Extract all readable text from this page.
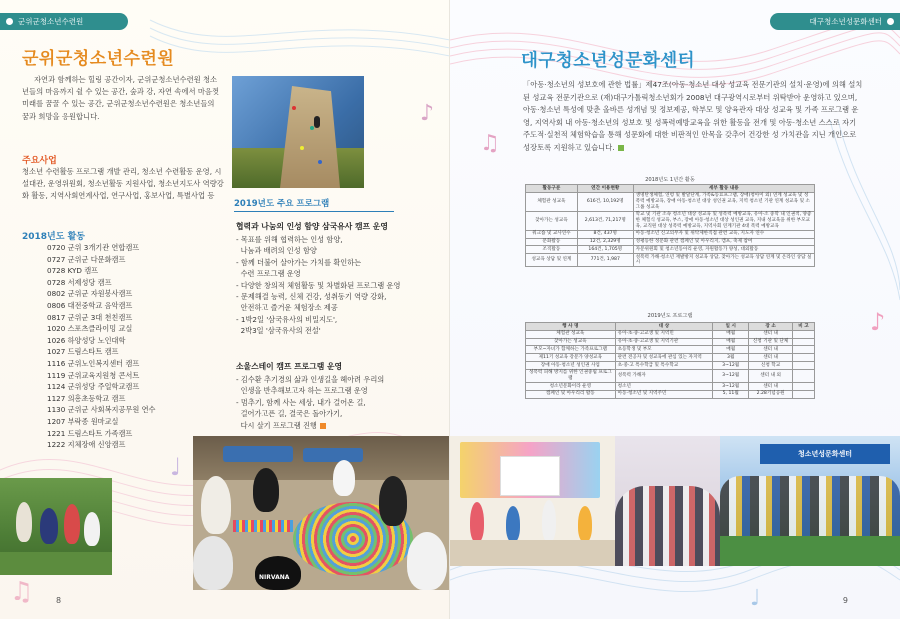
♪
♫
♩
군위군청소년수련원
군위군청소년수련원
자연과 함께하는 힐링 공간이자, 군위군청소년수련원 청소년들의 마음까지 쉴 수 있는 공간, 숲과 강, 자연 속에서 마음껏 미래를 꿈꿀 수 있는 공간, 군위군청소년수련원은 청소년들의 꿈과 희망을 응원합니다.
주요사업
청소년 수련활동 프로그램 개발 관리, 청소년 수련활동 운영, 시설대관, 운영위원회, 청소년활동 지원사업, 청소년지도사 역량강화 활동, 지역사회연계사업, 연구사업, 홍보사업, 특별사업 등
2018년도 활동
0720 군위 3개기관 연합캠프
0727 군위군 다문화캠프
0728 KYD 캠프
0728 서제성당 캠프
0802 군위군 자원봉사캠프
0806 대전중학교 음악캠프
0817 군위군 3대 천친캠프
1020 스포츠클라이밍 교실
1026 하양성당 노인대학
1027 드림스타트 캠프
1116 군위노인복지센터 캠프
1119 군위교육지원청 콘서트
1124 군위성당 주일학교캠프
1127 의흥초등학교 캠프
1130 군위군 사회복지공무원 연수
1207 부락종 원마교실
1221 드림스타트 가족캠프
1222 지체장애 신앙캠프
2019년도 주요 프로그램
협력과 나눔의 인성 함양 삼국유사 캠프 운영
- 목표를 위해 협력하는 인성 함양,
나눔과 배려의 인성 함양
- 함께 더불어 살아가는 가치를 확인하는
수련 프로그램 운영
- 다양한 창의적 체험활동 및 차별화된 프로그램 운영
- 문제해결 능력, 신체 건강, 성취동기 역량 강화,
안전하고 즐거운 체험장소 제공
- 1박2일 '삼국유사의 비밀지도',
2박3일 '삼국유사의 전설'
소울스테이 캠프 프로그램 운영
- 김수환 추기경의 삶과 인생길을 헤아려 우리의
인생을 반추해보고자 하는 프로그램 운영
- 멈추기, 함께 사는 세상, 내가 걸어온 길,
걸어가고픈 길, 결국은 돌아가기,
다시 살기 프로그램 진행
NIRVANA
8
♫
♪
♩
대구청소년성문화센터
대구청소년성문화센터
「아동·청소년의 성보호에 관한 법률」제47조(아동·청소년 대상 성교육 전문기관의 설치·운영)에 의해 설치된 성교육 전문기관으로 (재)대구가톨릭청소년회가 2008년 대구광역시로부터 위탁받아 운영하고 있으며, 아동·청소년 특성에 맞춘 올바른 성개념 및 정보제공, 학부모 및 양육관자 대상 성교육 및 가족 프로그램 운영, 지역사회 내 아동·청소년의 성보호 및 성폭력예방교육을 위한 활동을 전개 및 아동·청소년 스스로 자기 주도적·실천적 체험학습을 통해 성문화에 대한 비판적인 안목을 갖추어 건강한 성 가치관을 지닌 개인으로 성장토록 지원하고 있습니다.
2018년도 1년간 활동
활동구분	연간 이용현황	세부 활동 내용
체험관 성교육	616건, 10,192명	생명탄생체험, 연령 및 발달단계, 가족&동료프그램, 장애(청아이 외) 연계 성교육 및 성폭력 예방교육, 장애 아동‧청소년 대상 성인권 교육, 지역 청소년 기관 연계 성교육 및 소그룹 성교육
찾아가는 성교육	2,613건, 71,217명	학교 및 기관 소속 청소년 대상 성교육 및 성폭력 예방교육, 유아·소 중학 내 인권적, 양좋한 체험식 성교육, 부스, 장애 아동‧청소년 대상 성인권 교육, 지내 성교육을 위한 부모교육, 교직원 대상 성폭력 예방교육, 지역사회 연계기관 4대 폭력 예방교육
워크숍 및 교사연수	8건, 437명	아동·청소년 신고의무자 및 위탁제한직접 관련 교육, 지도자 연수
문화활동	12건, 2,329명	성평등한 성문화 관련 캠페인 및 아우리지, 캠프, 축제 참여
조직활동	164건, 1,705명	자문위원회 및 청소년동아리 운영, 자원활동가 양성, 대외활동
성교육 상담 및 연계	771건, 1,987	성폭력 가해·청소년 재발방지 성교육 상담, 찾아가는 성교육 상담 연계 및 온라인 상담 실시
2019년도 프로그램
행 사 명	대 상	일 시	장 소	비 고
체험관 성교육	유아·초·중·고교생 및 지역민	매월	센터 내	
찾아가는 성교육	유아·초·중·고교생 및 지역기관	매월	신청 기관 및 단체	
부모~자녀가 함께하는 가족프로그램	초등학생 및 부모	매월	센터 내	
제11기 성교육 강문가 양성교육	관련 전공자 및 성교육에 관심 있는 자지역	3월	센터 내	
장애 아동·청소년 성인권 사업	초·중·고 특수학급 및 특수학교	3~12월	신청 학교	
성폭력 피해 방지를 위한 인권중립 프로그램	성폭력 가해자	3~12월	센터 내 외	
청소년문화이라 운영	청소년	3~12월	센터 내	
캠페인 및 아우리리 활동	아동·청소년 및 지역주민	5, 11월	2.28기념공원	
청소년성문화센터
9
